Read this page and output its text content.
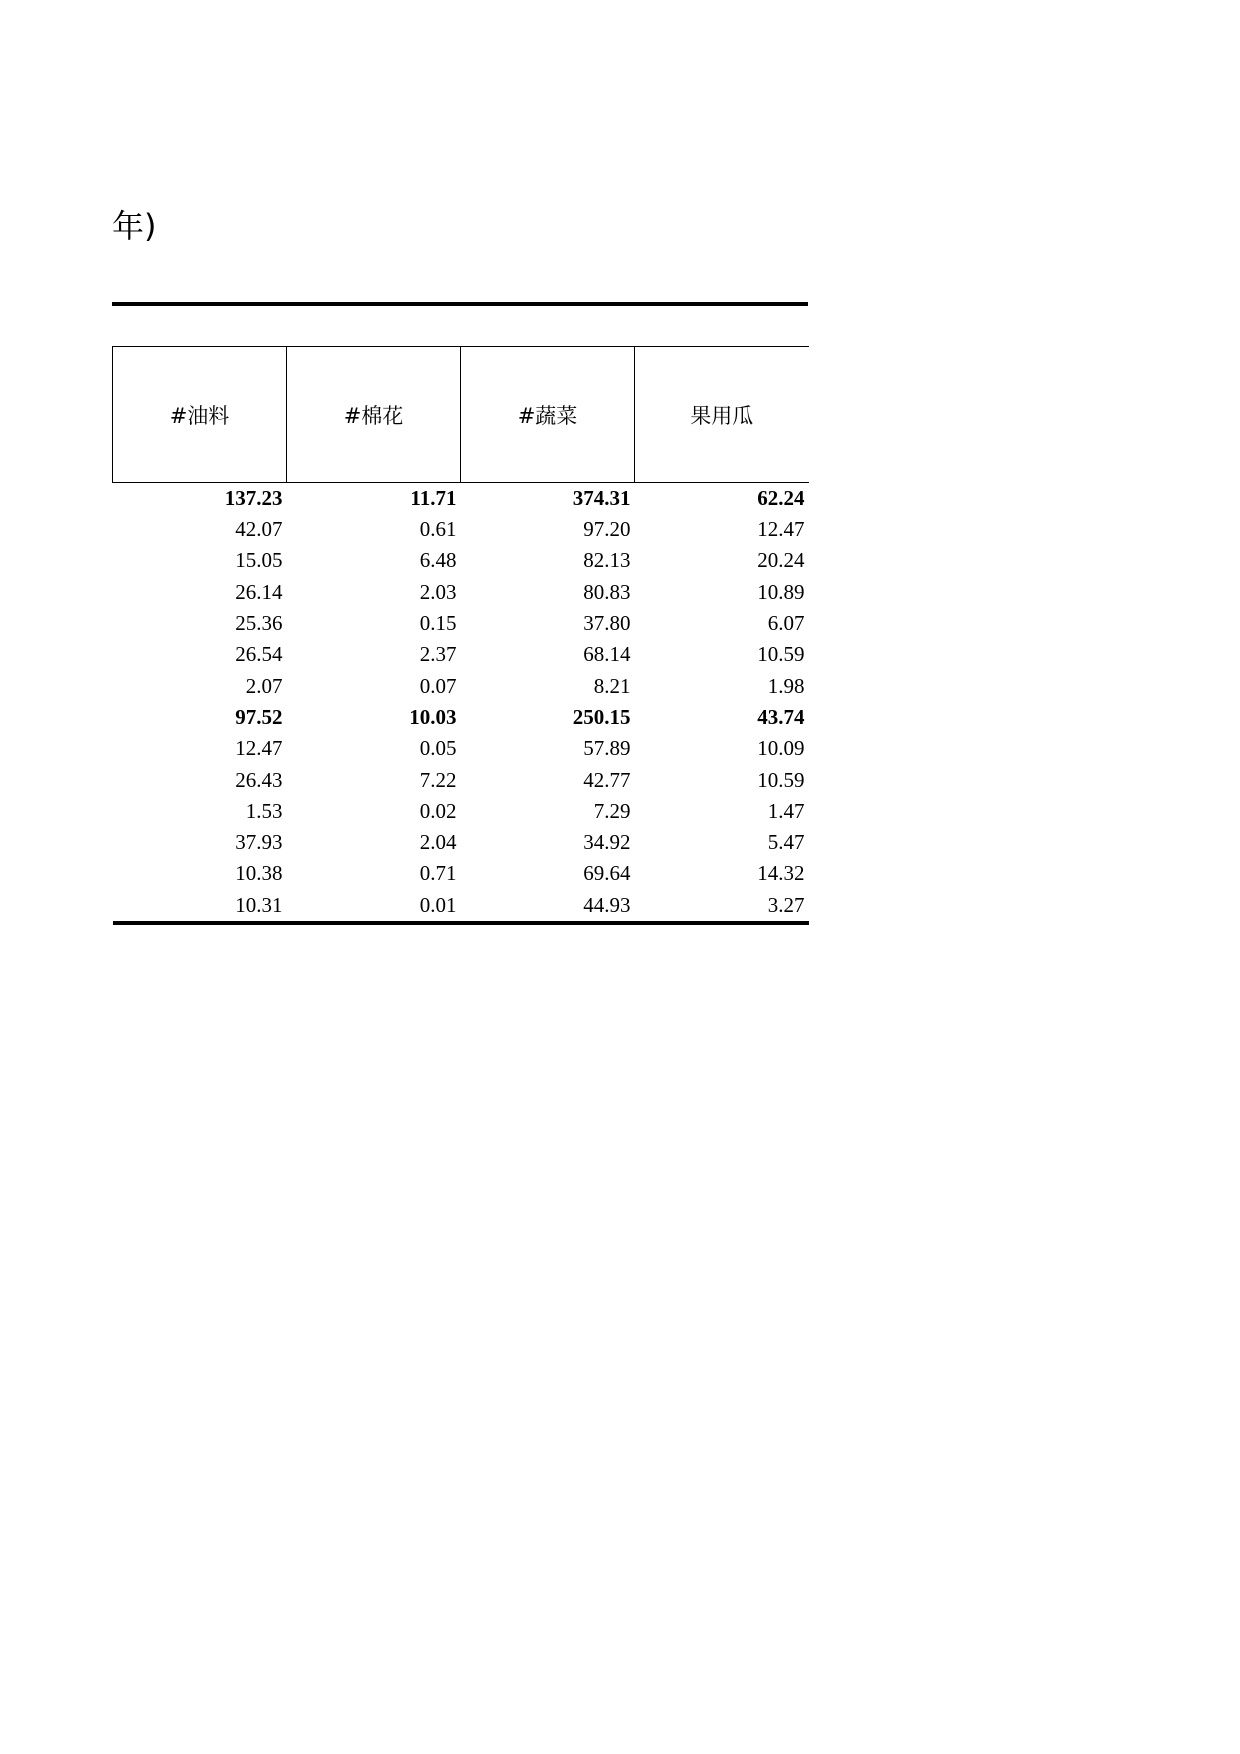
年)
#油料	#棉花	#蔬菜	果用瓜
137.23	11.71	374.31	62.24
42.07	0.61	97.20	12.47
15.05	6.48	82.13	20.24
26.14	2.03	80.83	10.89
25.36	0.15	37.80	6.07
26.54	2.37	68.14	10.59
2.07	0.07	8.21	1.98
97.52	10.03	250.15	43.74
12.47	0.05	57.89	10.09
26.43	7.22	42.77	10.59
1.53	0.02	7.29	1.47
37.93	2.04	34.92	5.47
10.38	0.71	69.64	14.32
10.31	0.01	44.93	3.27
